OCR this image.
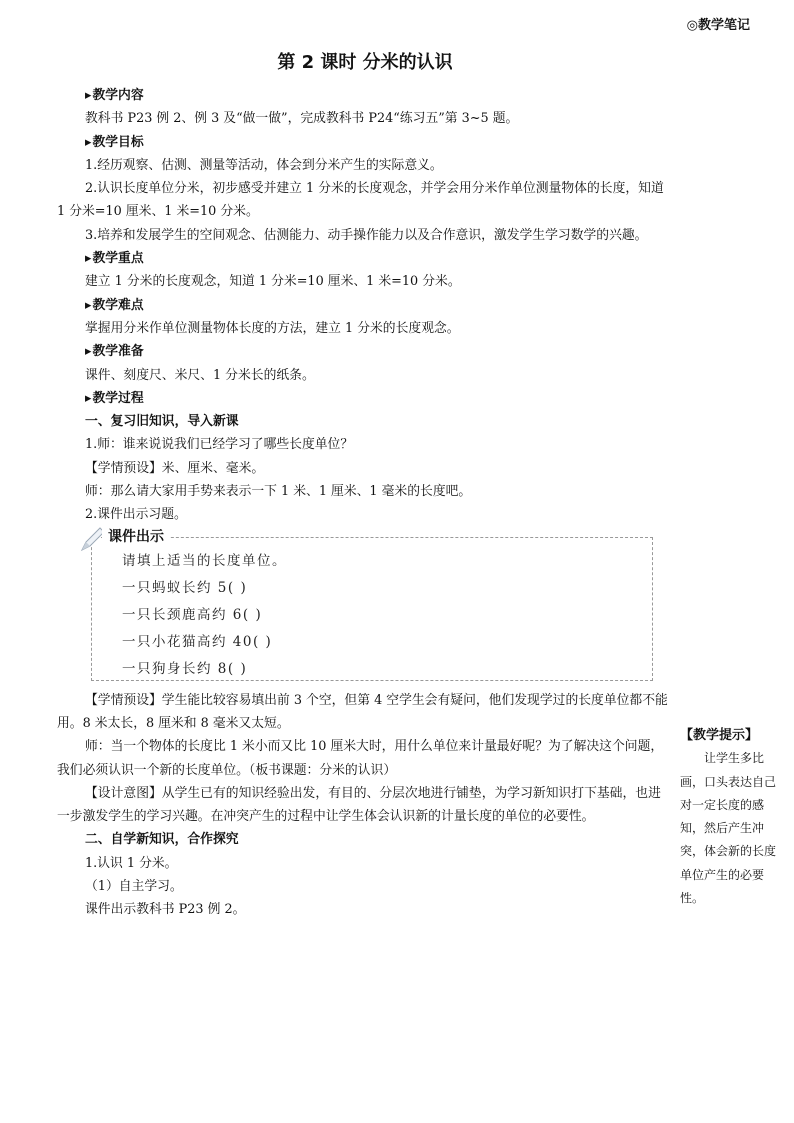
◎教学笔记
第 2 课时 分米的认识

▸ 教学内容

教科书 P23 例 2、例 3 及“做一做”，完成教科书 P24“练习五”第 3~5 题。

▸ 教学目标

1.经历观察、估测、测量等活动，体会到分米产生的实际意义。

2.认识长度单位分米，初步感受并建立 1 分米的长度观念，并学会用分米作单位测量物体的长度，知道 1 分米=10 厘米、1 米=10 分米。

3.培养和发展学生的空间观念、估测能力、动手操作能力以及合作意识，激发学生学习数学的兴趣。

▸ 教学重点

建立 1 分米的长度观念，知道 1 分米=10 厘米、1 米=10 分米。

▸ 教学难点

掌握用分米作单位测量物体长度的方法，建立 1 分米的长度观念。

▸ 教学准备

课件、刻度尺、米尺、1 分米长的纸条。

▸ 教学过程

一、复习旧知识，导入新课

1.师：谁来说说我们已经学习了哪些长度单位？

【学情预设】米、厘米、毫米。

师：那么请大家用手势来表示一下 1 米、1 厘米、1 毫米的长度吧。

2.课件出示习题。

课件出示
请填上适当的长度单位。
一只蚂蚁长约 5( )
一只长颈鹿高约 6( )
一只小花猫高约 40( )
一只狗身长约 8( )

【学情预设】学生能比较容易填出前 3 个空，但第 4 空学生会有疑问，他们发现学过的长度单位都不能用。8 米太长，8 厘米和 8 毫米又太短。

师：当一个物体的长度比 1 米小而又比 10 厘米大时，用什么单位来计量最好呢？为了解决这个问题，我们必须认识一个新的长度单位。（板书课题：分米的认识）

【设计意图】从学生已有的知识经验出发，有目的、分层次地进行铺垫，为学习新知识打下基础，也进一步激发学生的学习兴趣。在冲突产生的过程中让学生体会认识新的计量长度的单位的必要性。

二、自学新知识，合作探究

1.认识 1 分米。

（1）自主学习。

课件出示教科书 P23 例 2。

【教学提示】
让学生多比画，口头表达自己对一定长度的感知，然后产生冲突，体会新的长度单位产生的必要性。
